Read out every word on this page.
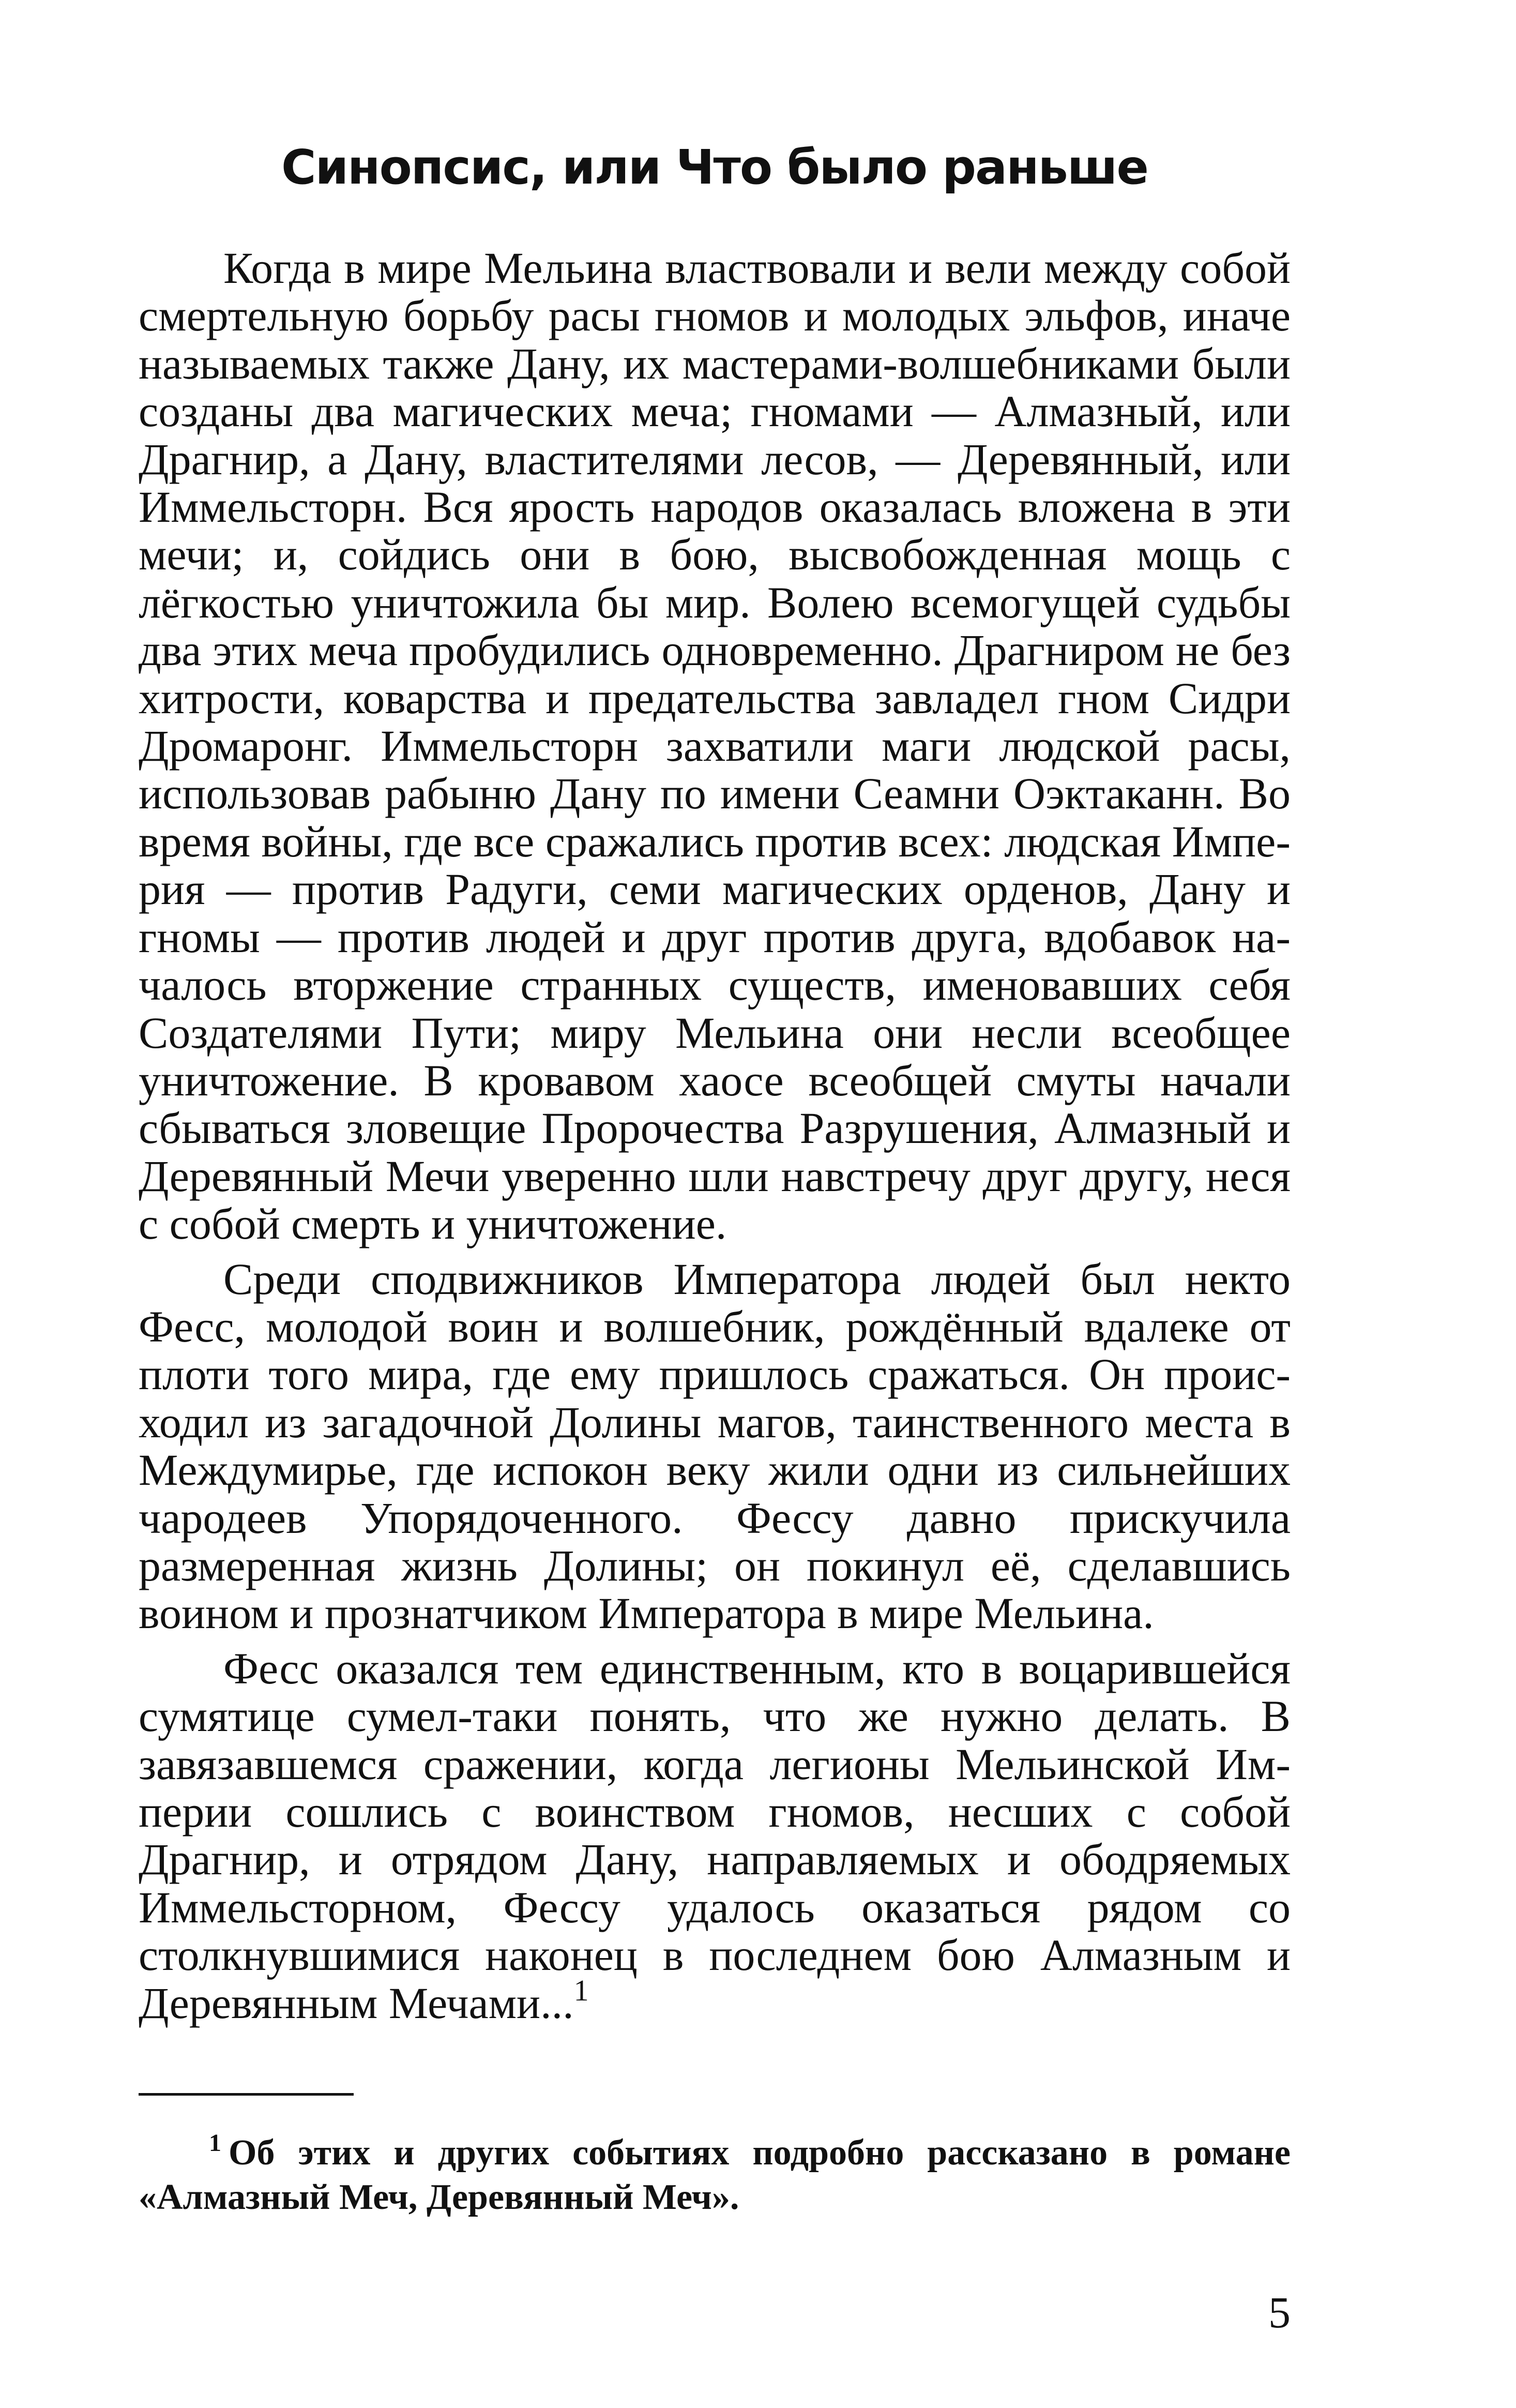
Синопсис, или Что было раньше

Когда в мире Мельина властвовали и вели между собой смертельную борьбу расы гномов и молодых эльфов, иначе называемых также Дану, их мастерами-волшебниками были созданы два магических меча; гномами — Алмазный, или Драгнир, а Дану, властителями лесов, — Деревянный, или Иммельсторн. Вся ярость народов оказалась вложена в эти мечи; и, сойдись они в бою, высвобожденная мощь с лёгкостью уничтожила бы мир. Волею всемогущей судьбы два этих меча пробудились одновременно. Драгниром не без хитрости, коварства и предательства завладел гном Сидри Дромаронг. Иммельсторн захватили маги людской расы, использовав рабыню Дану по имени Сеамни Оэктаканн. Во время войны, где все сражались против всех: людская Империя — против Радуги, семи магических орденов, Дану и гномы — против людей и друг против друга, вдобавок началось вторжение странных существ, именовавших себя Создателями Пути; миру Мельина они несли всеобщее уничтожение. В кровавом хаосе всеобщей смуты начали сбываться зловещие Пророчества Разрушения, Алмазный и Деревянный Мечи уверенно шли навстречу друг другу, неся с собой смерть и уничтожение.

Среди сподвижников Императора людей был некто Фесс, молодой воин и волшебник, рождённый вдалеке от плоти того мира, где ему пришлось сражаться. Он происходил из загадочной Долины магов, таинственного места в Междумирье, где испокон веку жили одни из сильнейших чародеев Упорядоченного. Фессу давно прискучила размеренная жизнь Долины; он покинул её, сделавшись воином и прознатчиком Императора в мире Мельина.

Фесс оказался тем единственным, кто в воцарившейся сумятице сумел-таки понять, что же нужно делать. В завязавшемся сражении, когда легионы Мельинской Империи сошлись с воинством гномов, несших с собой Драгнир, и отрядом Дану, направляемых и ободряемых Иммельсторном, Фессу удалось оказаться рядом со столкнувшимися наконец в последнем бою Алмазным и Деревянным Мечами...$^1$

$^1$ Об этих и других событиях подробно рассказано в романе «Алмазный Меч, Деревянный Меч».

5
